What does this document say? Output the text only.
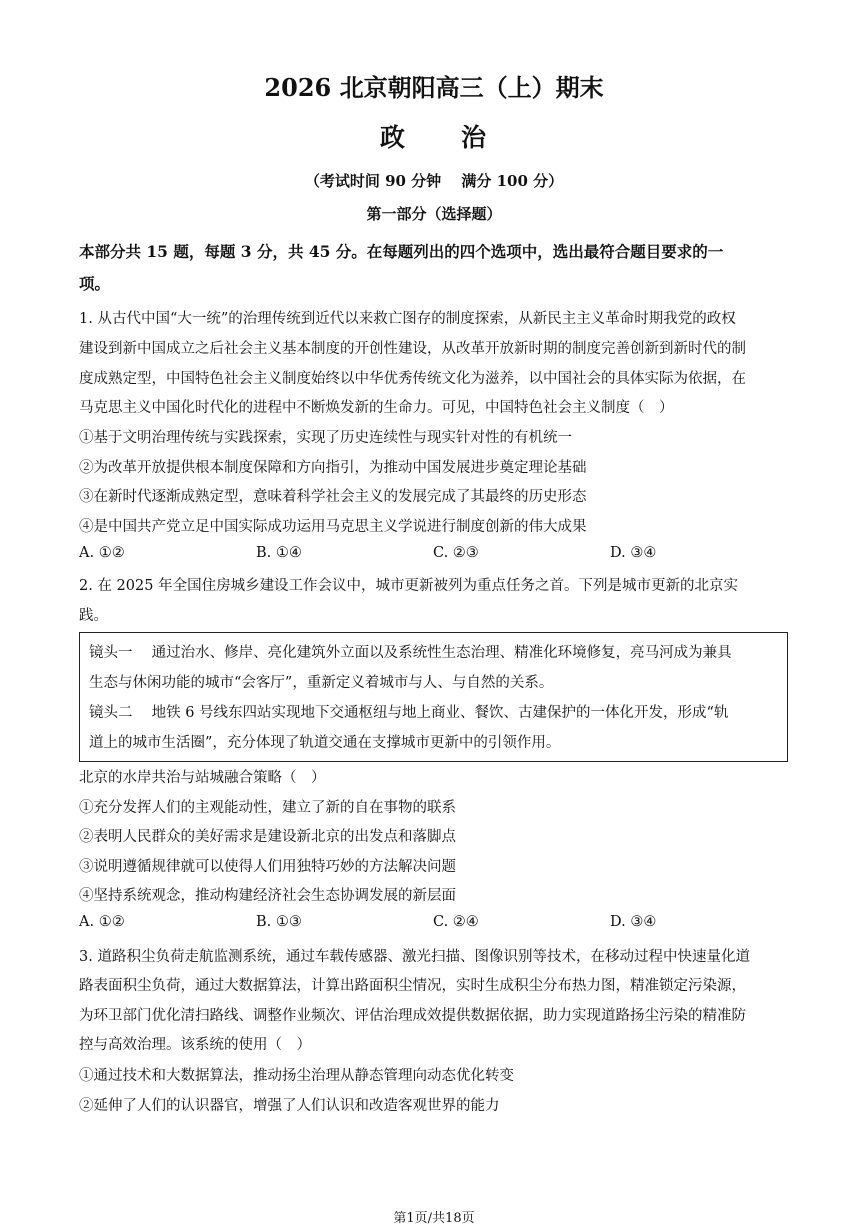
2026 北京朝阳高三（上）期末
政　　治
（考试时间 90 分钟　 满分 100 分）
第一部分（选择题）
本部分共 15 题，每题 3 分，共 45 分。在每题列出的四个选项中，选出最符合题目要求的一
项。
1. 从古代中国“大一统”的治理传统到近代以来救亡图存的制度探索，从新民主主义革命时期我党的政权
建设到新中国成立之后社会主义基本制度的开创性建设，从改革开放新时期的制度完善创新到新时代的制
度成熟定型，中国特色社会主义制度始终以中华优秀传统文化为滋养，以中国社会的具体实际为依据，在
马克思主义中国化时代化的进程中不断焕发新的生命力。可见，中国特色社会主义制度（　）
①基于文明治理传统与实践探索，实现了历史连续性与现实针对性的有机统一
②为改革开放提供根本制度保障和方向指引，为推动中国发展进步奠定理论基础
③在新时代逐渐成熟定型，意味着科学社会主义的发展完成了其最终的历史形态
④是中国共产党立足中国实际成功运用马克思主义学说进行制度创新的伟大成果
A. ①②	B. ①④	C. ②③	D. ③④
2. 在 2025 年全国住房城乡建设工作会议中，城市更新被列为重点任务之首。下列是城市更新的北京实
践。
镜头一　 通过治水、修岸、亮化建筑外立面以及系统性生态治理、精准化环境修复，亮马河成为兼具
生态与休闲功能的城市“会客厅”，重新定义着城市与人、与自然的关系。
镜头二　 地铁 6 号线东四站实现地下交通枢纽与地上商业、餐饮、古建保护的一体化开发，形成“轨
道上的城市生活圈”，充分体现了轨道交通在支撑城市更新中的引领作用。
北京的水岸共治与站城融合策略（　）
①充分发挥人们的主观能动性，建立了新的自在事物的联系
②表明人民群众的美好需求是建设新北京的出发点和落脚点
③说明遵循规律就可以使得人们用独特巧妙的方法解决问题
④坚持系统观念，推动构建经济社会生态协调发展的新层面
A. ①②	B. ①③	C. ②④	D. ③④
3. 道路积尘负荷走航监测系统，通过车载传感器、激光扫描、图像识别等技术，在移动过程中快速量化道
路表面积尘负荷，通过大数据算法，计算出路面积尘情况，实时生成积尘分布热力图，精准锁定污染源，
为环卫部门优化清扫路线、调整作业频次、评估治理成效提供数据依据，助力实现道路扬尘污染的精准防
控与高效治理。该系统的使用（　）
①通过技术和大数据算法，推动扬尘治理从静态管理向动态优化转变
②延伸了人们的认识器官，增强了人们认识和改造客观世界的能力
第1页/共18页
